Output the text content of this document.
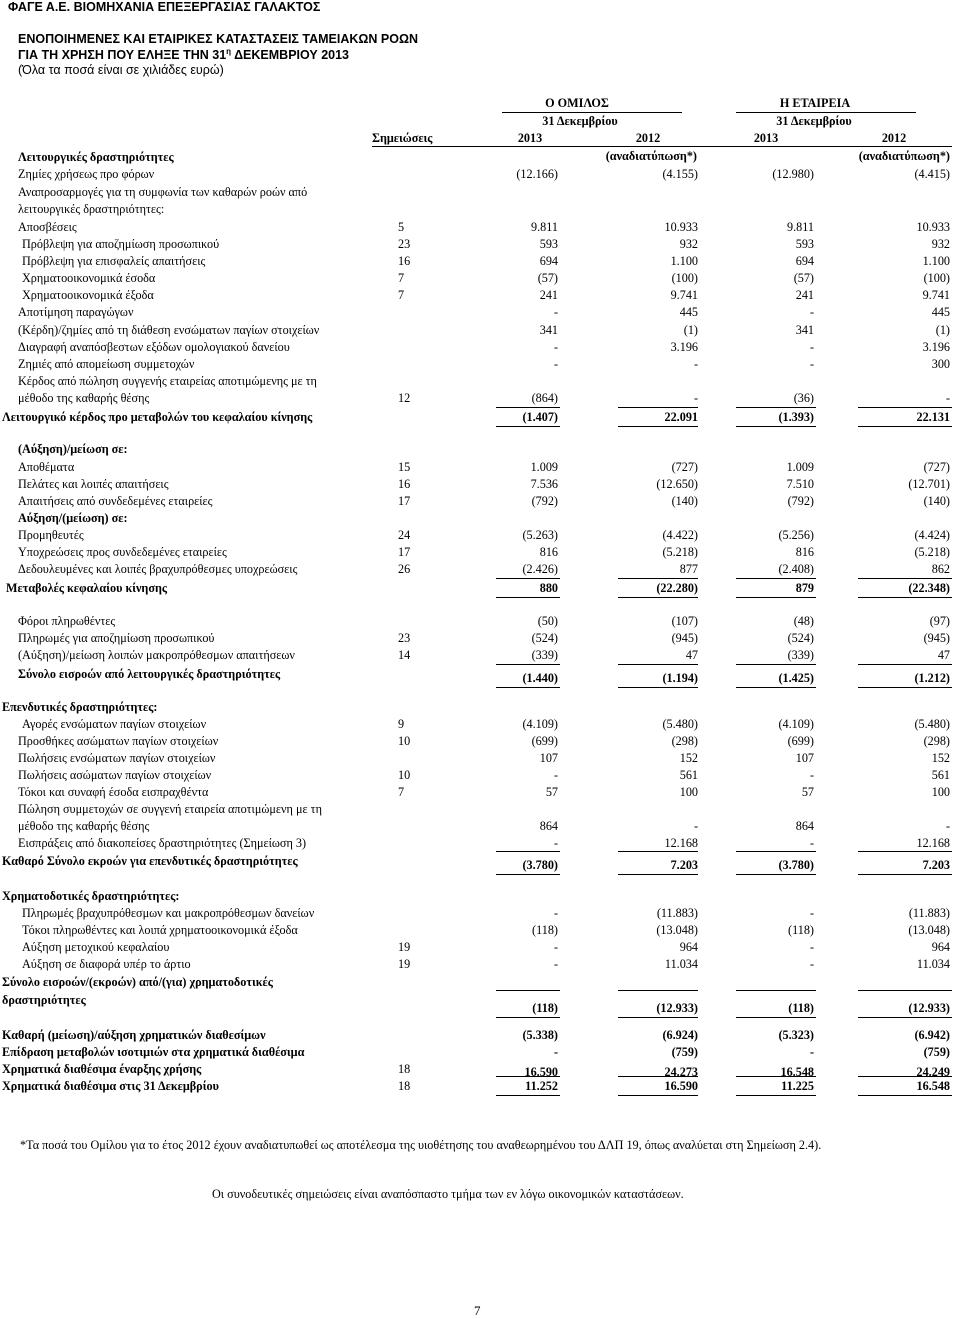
ΦΑΓΕ Α.Ε. ΒΙΟΜΗΧΑΝΙΑ ΕΠΕΞΕΡΓΑΣΙΑΣ ΓΑΛΑΚΤΟΣ
ΕΝΟΠΟΙΗΜΕΝΕΣ ΚΑΙ ΕΤΑΙΡΙΚΕΣ ΚΑΤΑΣΤΑΣΕΙΣ ΤΑΜΕΙΑΚΩΝ ΡΟΩΝ
ΓΙΑ ΤΗ ΧΡΗΣΗ ΠΟΥ ΕΛΗΞΕ ΤΗΝ $31^\eta$ ΔΕΚΕΜΒΡΙΟΥ 2013
(Όλα τα ποσά είναι σε χιλιάδες ευρώ)
Ο ΟΜΙΛΟΣ	Η ΕΤΑΙΡΕΙΑ
31 Δεκεμβρίου	31 Δεκεμβρίου
Σημειώσεις	2013	2012	2013	2012
(αναδιατύπωση*)	(αναδιατύπωση*)
Λειτουργικές δραστηριότητες
Ζημίες χρήσεως προ φόρων	(12.166)	(4.155)	(12.980)	(4.415)
Αναπροσαρμογές για τη συμφωνία των καθαρών ροών από
λειτουργικές δραστηριότητες:
Αποσβέσεις	5	9.811	10.933	9.811	10.933
Πρόβλεψη για αποζημίωση προσωπικού	23	593	932	593	932
Πρόβλεψη για επισφαλείς απαιτήσεις	16	694	1.100	694	1.100
Χρηματοοικονομικά έσοδα	7	(57)	(100)	(57)	(100)
Χρηματοοικονομικά έξοδα	7	241	9.741	241	9.741
Αποτίμηση παραγώγων	-	445	-	445
(Κέρδη)/ζημίες από τη διάθεση ενσώματων παγίων στοιχείων	341	(1)	341	(1)
Διαγραφή αναπόσβεστων εξόδων ομολογιακού δανείου	-	3.196	-	3.196
Ζημιές από απομείωση συμμετοχών	-	-	-	300
Κέρδος από πώληση συγγενής εταιρείας αποτιμώμενης με τη
μέθοδο της καθαρής θέσης	12	(864)	-	(36)	-
Λειτουργικό κέρδος προ μεταβολών του κεφαλαίου κίνησης	(1.407)	22.091	(1.393)	22.131
(Αύξηση)/μείωση σε:
Αποθέματα	15	1.009	(727)	1.009	(727)
Πελάτες και λοιπές απαιτήσεις	16	7.536	(12.650)	7.510	(12.701)
Απαιτήσεις από συνδεδεμένες εταιρείες	17	(792)	(140)	(792)	(140)
Αύξηση/(μείωση) σε:
Προμηθευτές	24	(5.263)	(4.422)	(5.256)	(4.424)
Υποχρεώσεις προς συνδεδεμένες εταιρείες	17	816	(5.218)	816	(5.218)
Δεδουλευμένες και λοιπές βραχυπρόθεσμες υποχρεώσεις	26	(2.426)	877	(2.408)	862
Μεταβολές κεφαλαίου κίνησης	880	(22.280)	879	(22.348)
Φόροι πληρωθέντες	(50)	(107)	(48)	(97)
Πληρωμές για αποζημίωση προσωπικού	23	(524)	(945)	(524)	(945)
(Αύξηση)/μείωση λοιπών μακροπρόθεσμων απαιτήσεων	14	(339)	47	(339)	47
Σύνολο εισροών από λειτουργικές δραστηριότητες	(1.440)	(1.194)	(1.425)	(1.212)
Επενδυτικές δραστηριότητες:
Αγορές ενσώματων παγίων στοιχείων	9	(4.109)	(5.480)	(4.109)	(5.480)
Προσθήκες ασώματων παγίων στοιχείων	10	(699)	(298)	(699)	(298)
Πωλήσεις ενσώματων παγίων στοιχείων	107	152	107	152
Πωλήσεις ασώματων παγίων στοιχείων	10	-	561	-	561
Τόκοι και συναφή έσοδα εισπραχθέντα	7	57	100	57	100
Πώληση συμμετοχών σε συγγενή εταιρεία αποτιμώμενη με τη
μέθοδο της καθαρής θέσης	864	-	864	-
Εισπράξεις από διακοπείσες δραστηριότητες (Σημείωση 3)	-	12.168	-	12.168
Καθαρό Σύνολο εκροών για επενδυτικές δραστηριότητες	(3.780)	7.203	(3.780)	7.203
Χρηματοδοτικές δραστηριότητες:
Πληρωμές βραχυπρόθεσμων και μακροπρόθεσμων δανείων	-	(11.883)	-	(11.883)
Τόκοι πληρωθέντες και λοιπά χρηματοοικονομικά έξοδα	(118)	(13.048)	(118)	(13.048)
Αύξηση μετοχικού κεφαλαίου	19	-	964	-	964
Αύξηση σε διαφορά υπέρ το άρτιο	19	-	11.034	-	11.034
Σύνολο εισροών/(εκροών) από/(για) χρηματοδοτικές
δραστηριότητες
(118)	(12.933)	(118)	(12.933)
Καθαρή (μείωση)/αύξηση χρηματικών διαθεσίμων	(5.338)	(6.924)	(5.323)	(6.942)
Επίδραση μεταβολών ισοτιμιών στα χρηματικά διαθέσιμα	-	(759)	-	(759)
Χρηματικά διαθέσιμα έναρξης χρήσης	18	16.590	24.273	16.548	24.249
Χρηματικά διαθέσιμα στις 31 Δεκεμβρίου	18	11.252	16.590	11.225	16.548
*Τα ποσά του Ομίλου για το έτος 2012 έχουν αναδιατυπωθεί ως αποτέλεσμα της υιοθέτησης του αναθεωρημένου του ΔΛΠ 19, όπως αναλύεται στη Σημείωση 2.4).
Οι συνοδευτικές σημειώσεις είναι αναπόσπαστο τμήμα των εν λόγω οικονομικών καταστάσεων.
7
